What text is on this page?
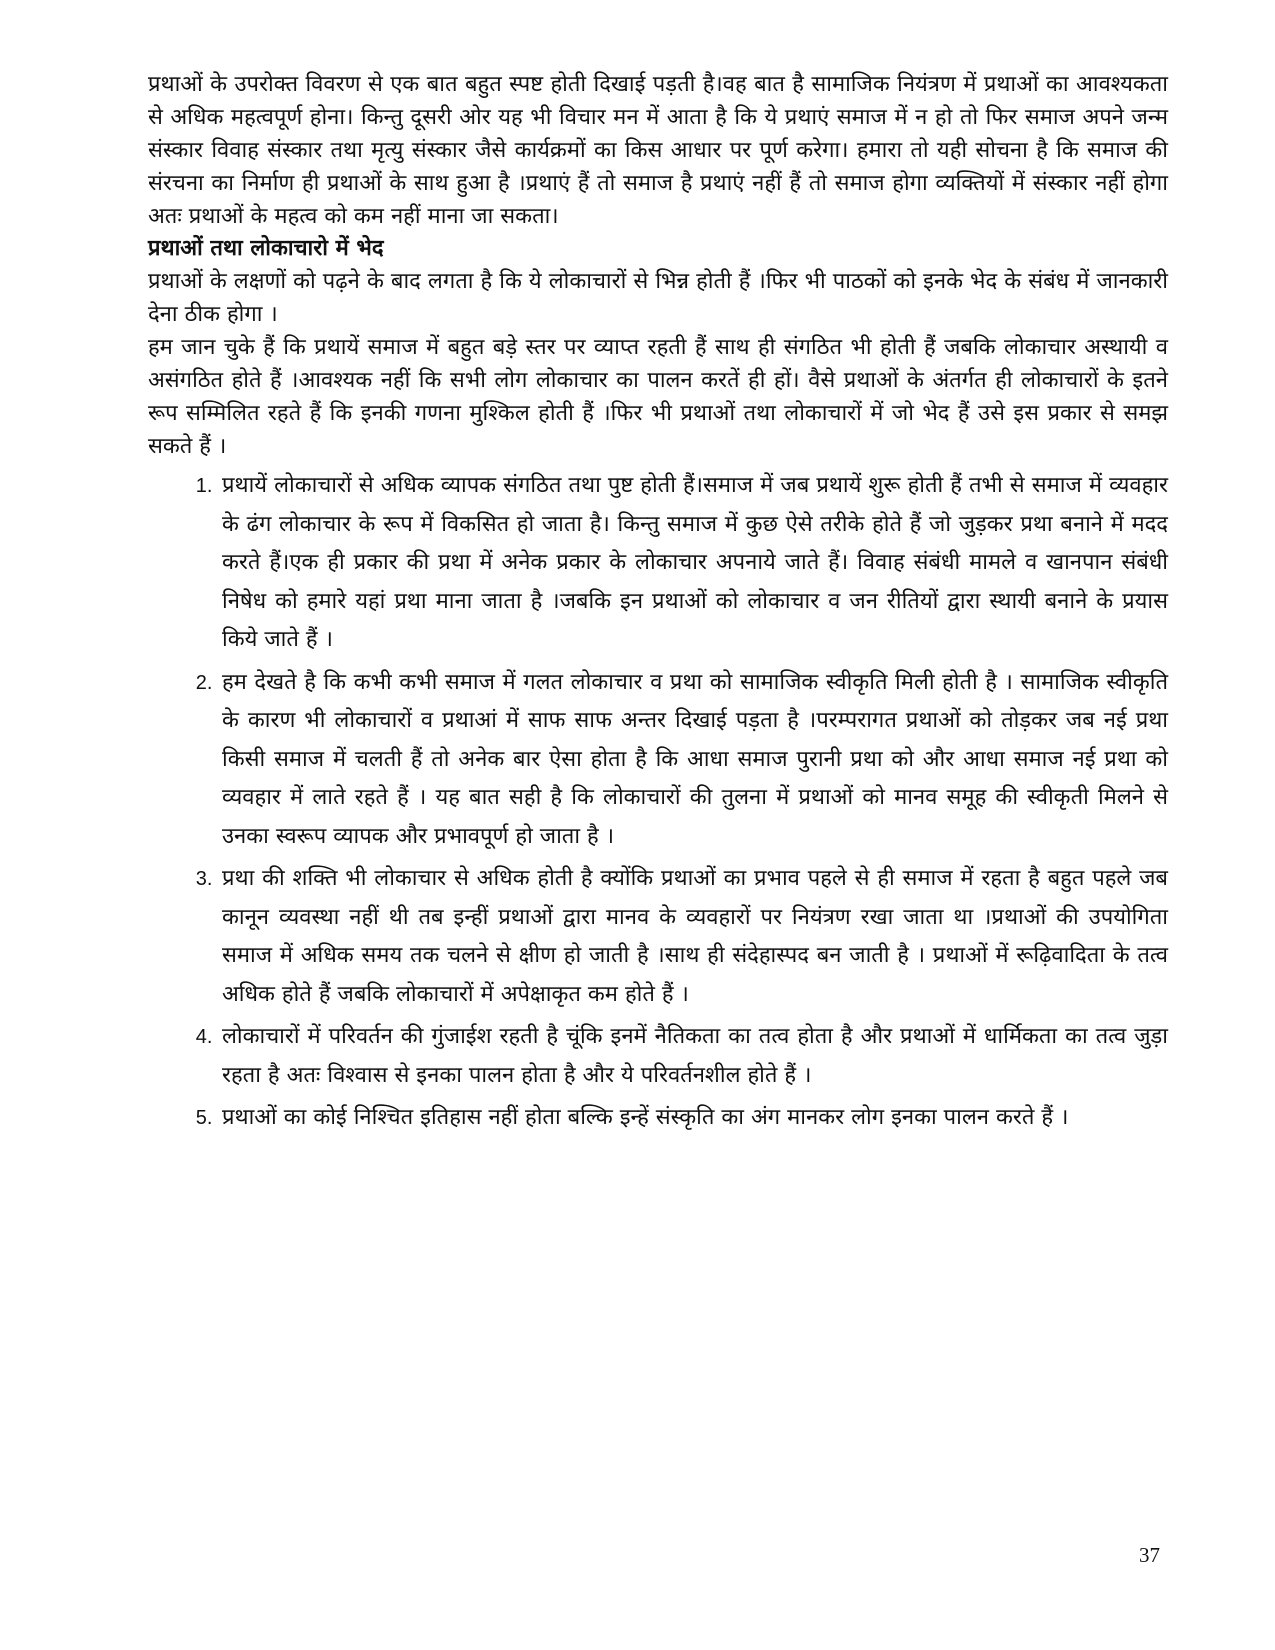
प्रथाओं के उपरोक्त विवरण से एक बात बहुत स्पष्ट होती दिखाई पड़ती है।वह बात है सामाजिक नियंत्रण में प्रथाओं का आवश्यकता से अधिक महत्वपूर्ण होना। किन्तु दूसरी ओर यह भी विचार मन में आता है कि ये प्रथाएं समाज में न हो तो फिर समाज अपने जन्म संस्कार विवाह संस्कार तथा मृत्यु संस्कार जैसे कार्यक्रमों का किस आधार पर पूर्ण करेगा। हमारा तो यही सोचना है कि समाज की संरचना का निर्माण ही प्रथाओं के साथ हुआ है ।प्रथाएं हैं तो समाज है प्रथाएं नहीं हैं तो समाज होगा व्यक्तियों में संस्कार नहीं होगा अतः प्रथाओं के महत्व को कम नहीं माना जा सकता।

प्रथाओं तथा लोकाचारो में भेद

प्रथाओं के लक्षणों को पढ़ने के बाद लगता है कि ये लोकाचारों से भिन्न होती हैं ।फिर भी पाठकों को इनके भेद के संबंध में जानकारी देना ठीक होगा ।

हम जान चुके हैं कि प्रथायें समाज में बहुत बड़े स्तर पर व्याप्त रहती हैं साथ ही संगठित भी होती हैं जबकि लोकाचार अस्थायी व असंगठित होते हैं ।आवश्यक नहीं कि सभी लोग लोकाचार का पालन करतें ही हों। वैसे प्रथाओं के अंतर्गत ही लोकाचारों के इतने रूप सम्मिलित रहते हैं कि इनकी गणना मुश्किल होती हैं ।फिर भी प्रथाओं तथा लोकाचारों में जो भेद हैं उसे इस प्रकार से समझ सकते हैं ।

1. प्रथायें लोकाचारों से अधिक व्यापक संगठित तथा पुष्ट होती हैं।समाज में जब प्रथायें शुरू होती हैं तभी से समाज में व्यवहार के ढंग लोकाचार के रूप में विकसित हो जाता है। किन्तु समाज में कुछ ऐसे तरीके होते हैं जो जुड़कर प्रथा बनाने में मदद करते हैं।एक ही प्रकार की प्रथा में अनेक प्रकार के लोकाचार अपनाये जाते हैं। विवाह संबंधी मामले व खानपान संबंधी निषेध को हमारे यहां प्रथा माना जाता है ।जबकि इन प्रथाओं को लोकाचार व जन रीतियों द्वारा स्थायी बनाने के प्रयास किये जाते हैं ।
2. हम देखते है कि कभी कभी समाज में गलत लोकाचार व प्रथा को सामाजिक स्वीकृति मिली होती है । सामाजिक स्वीकृति के कारण भी लोकाचारों व प्रथाआं में साफ साफ अन्तर दिखाई पड़ता है ।परम्परागत प्रथाओं को तोड़कर जब नई प्रथा किसी समाज में चलती हैं तो अनेक बार ऐसा होता है कि आधा समाज पुरानी प्रथा को और आधा समाज नई प्रथा को व्यवहार में लाते रहते हैं । यह बात सही है कि लोकाचारों की तुलना में प्रथाओं को मानव समूह की स्वीकृती मिलने से उनका स्वरूप व्यापक और प्रभावपूर्ण हो जाता है ।
3. प्रथा की शक्ति भी लोकाचार से अधिक होती है क्योंकि प्रथाओं का प्रभाव पहले से ही समाज में रहता है बहुत पहले जब कानून व्यवस्था नहीं थी तब इन्हीं प्रथाओं द्वारा मानव के व्यवहारों पर नियंत्रण रखा जाता था ।प्रथाओं की उपयोगिता समाज में अधिक समय तक चलने से क्षीण हो जाती है ।साथ ही संदेहास्पद बन जाती है । प्रथाओं में रूढ़िवादिता के तत्व अधिक होते हैं जबकि लोकाचारों में अपेक्षाकृत कम होते हैं ।
4. लोकाचारों में परिवर्तन की गुंजाईश रहती है चूंकि इनमें नैतिकता का तत्व होता है और प्रथाओं में धार्मिकता का तत्व जुड़ा रहता है अतः विश्वास से इनका पालन होता है और ये परिवर्तनशील होते हैं ।
5. प्रथाओं का कोई निश्चित इतिहास नहीं होता बल्कि इन्हें संस्कृति का अंग मानकर लोग इनका पालन करते हैं ।
37
